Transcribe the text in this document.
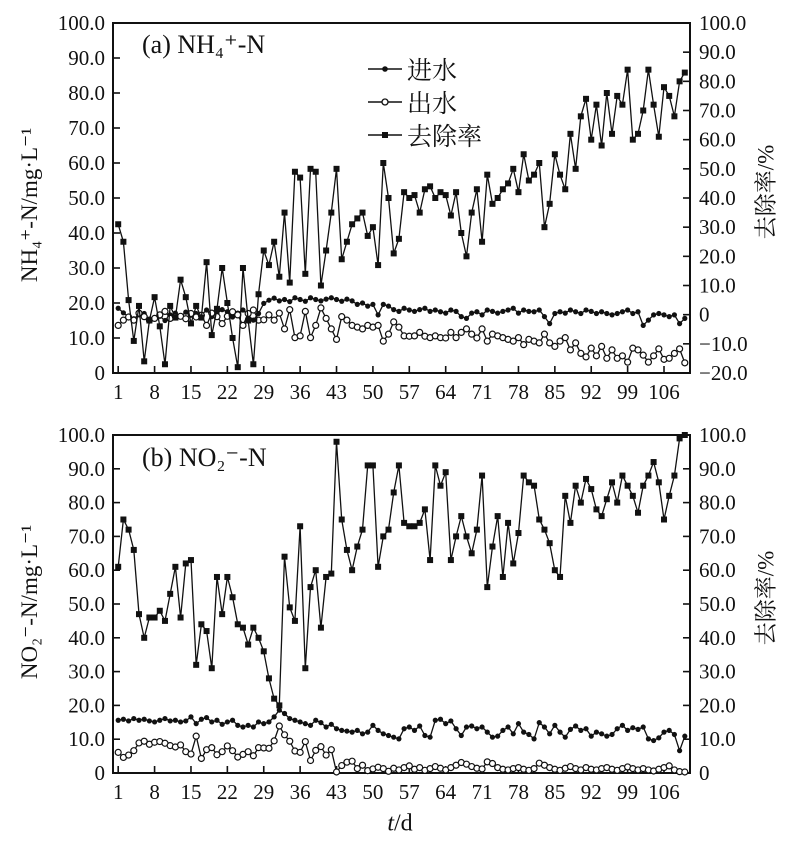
1 8 15 22 29 36 43 50 57 64 71 78 85 92 99 106
0
10.0
20.0
30.0
40.0
50.0
60.0
70.0
80.0
90.0
100.0
−20.0
−10.0
0
10.0
20.0
30.0
40.0
50.0
60.0
70.0
80.0
90.0
100.0
1 8 15 22 29 36 43 50 57 64 71 78 85 92 99 106
0
10.0
20.0
30.0
40.0
50.0
60.0
70.0
80.0
90.0
100.0
0
10.0
20.0
30.0
40.0
50.0
60.0
70.0
80.0
90.0
100.0
(a) NH₄⁺-N
(b) NO₂⁻-N
NH₄⁺-N/mg·L⁻¹
NO₂⁻-N/mg·L⁻¹
去除率/%
去除率/%
进水
出水
去除率
t/d
